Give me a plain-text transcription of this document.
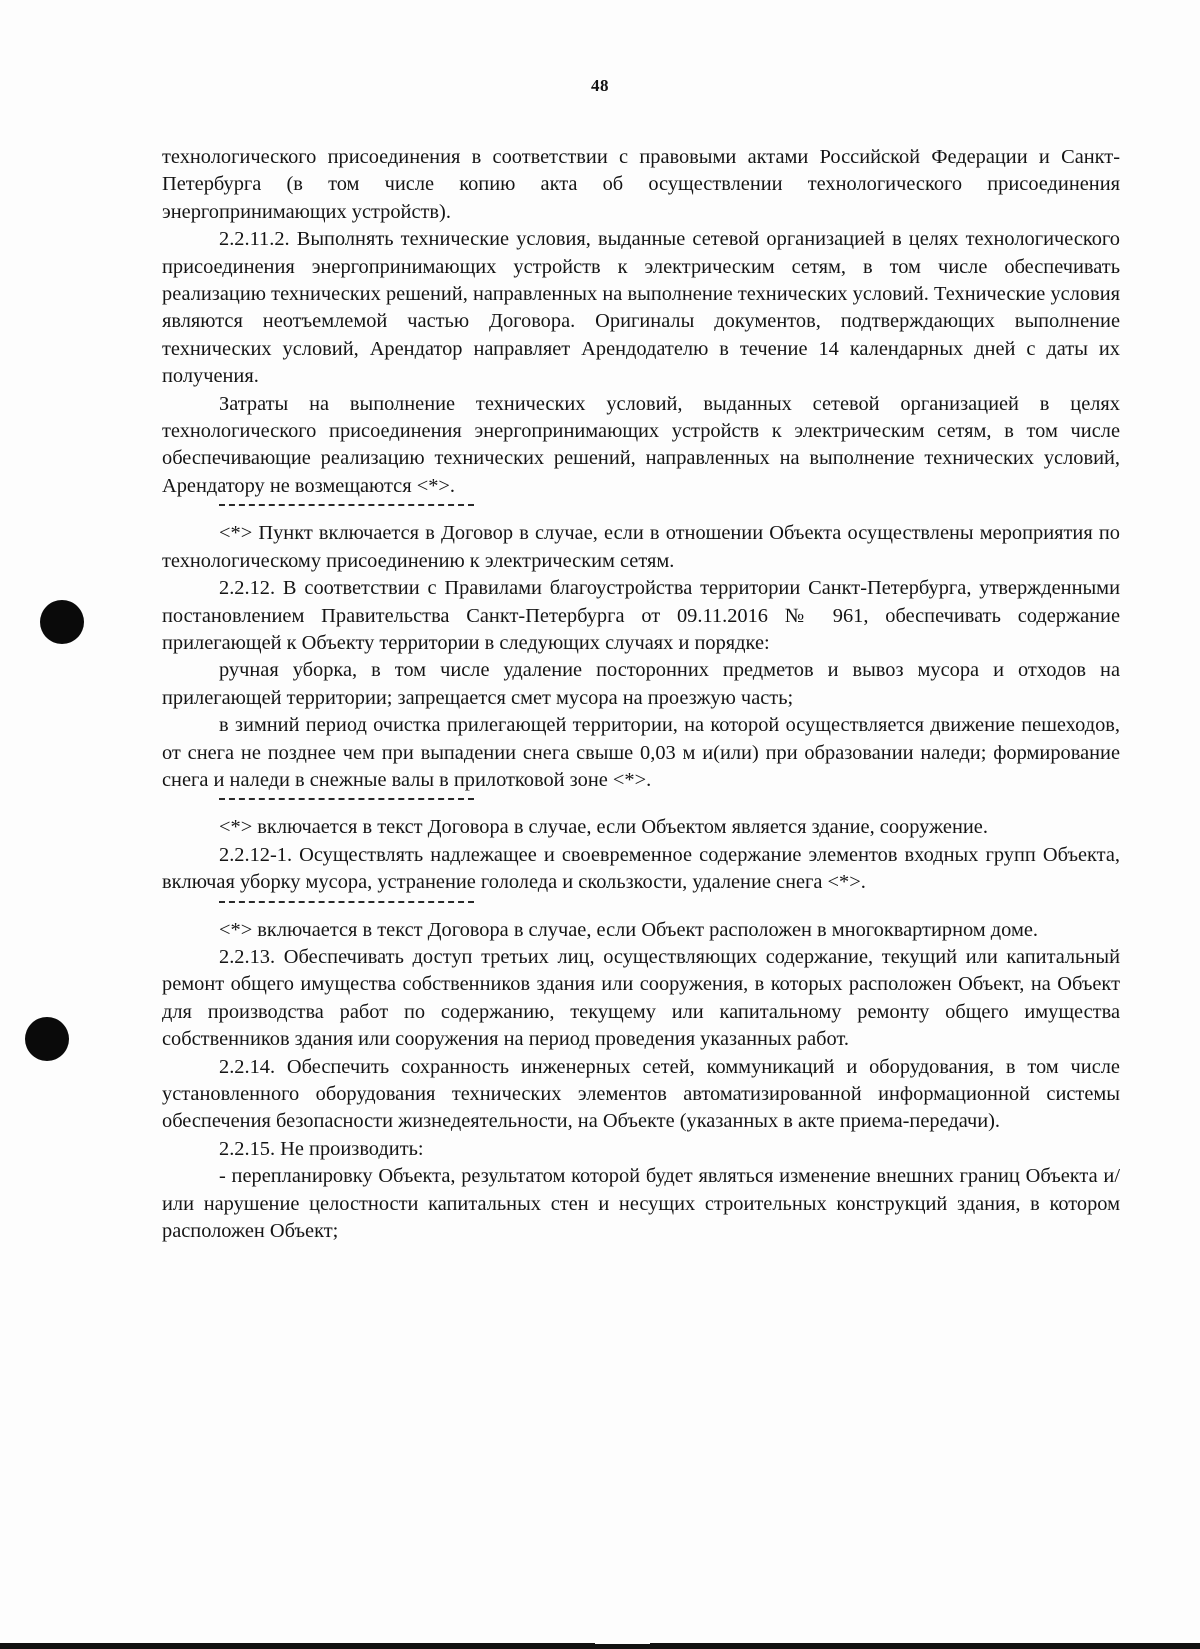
48

технологического присоединения в соответствии с правовыми актами Российской Федерации и Санкт-Петербурга (в том числе копию акта об осуществлении технологического присоединения энергопринимающих устройств).

2.2.11.2. Выполнять технические условия, выданные сетевой организацией в целях технологического присоединения энергопринимающих устройств к электрическим сетям, в том числе обеспечивать реализацию технических решений, направленных на выполнение технических условий. Технические условия являются неотъемлемой частью Договора. Оригиналы документов, подтверждающих выполнение технических условий, Арендатор направляет Арендодателю в течение 14 календарных дней с даты их получения.

Затраты на выполнение технических условий, выданных сетевой организацией в целях технологического присоединения энергопринимающих устройств к электрическим сетям, в том числе обеспечивающие реализацию технических решений, направленных на выполнение технических условий, Арендатору не возмещаются <*>.

<*> Пункт включается в Договор в случае, если в отношении Объекта осуществлены мероприятия по технологическому присоединению к электрическим сетям.

2.2.12. В соответствии с Правилами благоустройства территории Санкт-Петербурга, утвержденными постановлением Правительства Санкт-Петербурга от 09.11.2016 № 961, обеспечивать содержание прилегающей к Объекту территории в следующих случаях и порядке:

ручная уборка, в том числе удаление посторонних предметов и вывоз мусора и отходов на прилегающей территории; запрещается смет мусора на проезжую часть;

в зимний период очистка прилегающей территории, на которой осуществляется движение пешеходов, от снега не позднее чем при выпадении снега свыше 0,03 м и(или) при образовании наледи; формирование снега и наледи в снежные валы в прилотковой зоне <*>.

<*> включается в текст Договора в случае, если Объектом является здание, сооружение.

2.2.12-1. Осуществлять надлежащее и своевременное содержание элементов входных групп Объекта, включая уборку мусора, устранение гололеда и скользкости, удаление снега <*>.

<*> включается в текст Договора в случае, если Объект расположен в многоквартирном доме.

2.2.13. Обеспечивать доступ третьих лиц, осуществляющих содержание, текущий или капитальный ремонт общего имущества собственников здания или сооружения, в которых расположен Объект, на Объект для производства работ по содержанию, текущему или капитальному ремонту общего имущества собственников здания или сооружения на период проведения указанных работ.

2.2.14. Обеспечить сохранность инженерных сетей, коммуникаций и оборудования, в том числе установленного оборудования технических элементов автоматизированной информационной системы обеспечения безопасности жизнедеятельности, на Объекте (указанных в акте приема-передачи).

2.2.15. Не производить:

- перепланировку Объекта, результатом которой будет являться изменение внешних границ Объекта и/или нарушение целостности капитальных стен и несущих строительных конструкций здания, в котором расположен Объект;
